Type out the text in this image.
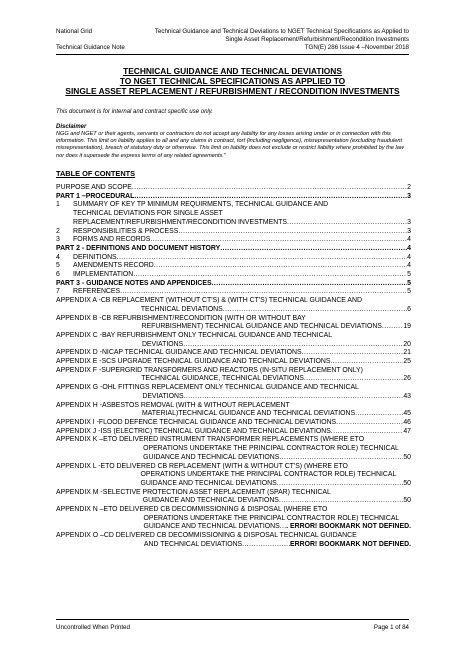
National Grid
Technical Guidance Note
Technical Guidance and Technical Deviations to NGET Technical Specifications as Applied to
Single Asset Replacement/Refurbishment/Recondition Investments
TGN(E) 286 Issue 4 –November 2018
TECHNICAL GUIDANCE AND TECHNICAL DEVIATIONS
TO NGET TECHNICAL SPECIFICATIONS AS APPLIED TO
SINGLE ASSET REPLACEMENT / REFURBISHMENT / RECONDITION INVESTMENTS
This document is for internal and contract specific use only.
Disclaimer
NGG and NGET or their agents, servants or contractors do not accept any liability for any losses arising under or in connection with this information. This limit on liability applies to all and any claims in contract, tort (including negligence), misrepresentation (excluding fraudulent misrepresentation), breach of statutory duty or otherwise. This limit on liability does not exclude or restrict liability where prohibited by the law nor does it supersede the express terms of any related agreements."
TABLE OF CONTENTS
PURPOSE AND SCOPE .....	2
PART 1 –PROCEDURAL .....	3
1	SUMMARY OF KEY TP MINIMUM REQUIRMENTS, TECHNICAL GUIDANCE AND
TECHNICAL DEVIATIONS FOR SINGLE ASSET
REPLACEMENT/REFURBISHMENT/RECONDITION INVESTMENTS .....	3
2	RESPONSIBILITIES & PROCESS .....	3
3	FORMS AND RECORDS .....	4
PART 2 - DEFINITIONS AND DOCUMENT HISTORY .....	4
4	DEFINITIONS .....	4
5	AMENDMENTS RECORD .....	4
6	IMPLEMENTATION .....	5
PART 3 - GUIDANCE NOTES AND APPENDICES .....	5
7	REFERENCES .....	5
APPENDIX A - CB REPLACEMENT (WITHOUT CT'S) & (WITH CT'S) TECHNICAL GUIDANCE AND
TECHNICAL DEVIATIONS .....	6
APPENDIX B - CB REFURBISHMENT/RECONDITION (WITH OR WITHOUT BAY
REFURBISHMENT) TECHNICAL GUIDANCE AND TECHNICAL DEVIATIONS .....	19
APPENDIX C - BAY REFURBISHMENT ONLY TECHNICAL GUIDANCE AND TECHNICAL
DEVIATIONS .....	20
APPENDIX D - NICAP TECHNICAL GUIDANCE AND TECHNICAL DEVIATIONS .....	21
APPENDIX E - SCS UPGRADE TECHNICAL GUIDANCE AND TECHNICAL DEVIATIONS .....	25
APPENDIX F - SUPERGRID TRANSFORMERS AND REACTORS (IN-SITU REPLACEMENT ONLY)
TECHNICAL GUIDANCE, TECHNICAL DEVIATIONS .....	26
APPENDIX G - OHL FITTINGS REPLACEMENT ONLY TECHNICAL GUIDANCE AND TECHNICAL
DEVIATIONS .....	43
APPENDIX H - ASBESTOS REMOVAL (WITH & WITHOUT REPLACEMENT
MATERIAL)TECHNICAL GUIDANCE AND TECHNICAL DEVIATIONS .....	45
APPENDIX I - FLOOD DEFENCE TECHNICAL GUIDANCE AND TECHNICAL DEVIATIONS .....	46
APPENDIX J - ISS (ELECTRIC) TECHNICAL GUIDANCE AND TECHNICAL DEVIATIONS .....	47
APPENDIX K – ETO DELIVERED INSTRUMENT TRANSFORMER REPLACEMENTS (WHERE ETO
OPERATIONS UNDERTAKE THE PRINCIPAL CONTRACTOR ROLE) TECHNICAL
GUIDANCE AND TECHNICAL DEVIATIONS .....	50
APPENDIX L - ETO DELIVERED CB REPLACEMENT (WITH & WITHOUT CT'S) (WHERE ETO
OPERATIONS UNDERTAKE THE PRINCIPAL CONTRACTOR ROLE) TECHNICAL
GUIDANCE AND TECHNICAL DEVIATIONS .....	50
APPENDIX M - SELECTIVE PROTECTION ASSET REPLACEMENT (SPAR) TECHNICAL
GUIDANCE AND TECHNICAL DEVIATIONS .....	50
APPENDIX N – ETO DELIVERED CB DECOMMISSIONING & DISPOSAL (WHERE ETO
OPERATIONS UNDERTAKE THE PRINCIPAL CONTRACTOR ROLE) TECHNICAL
GUIDANCE AND TECHNICAL DEVIATIONS ..... . ERROR! BOOKMARK NOT DEFINED.
APPENDIX O – CD DELIVERED CB DECOMMISSIONING & DISPOSAL TECHNICAL GUIDANCE
AND TECHNICAL DEVIATIONS .....	ERROR! BOOKMARK NOT DEFINED.
Uncontrolled When Printed	Page 1 of 84
